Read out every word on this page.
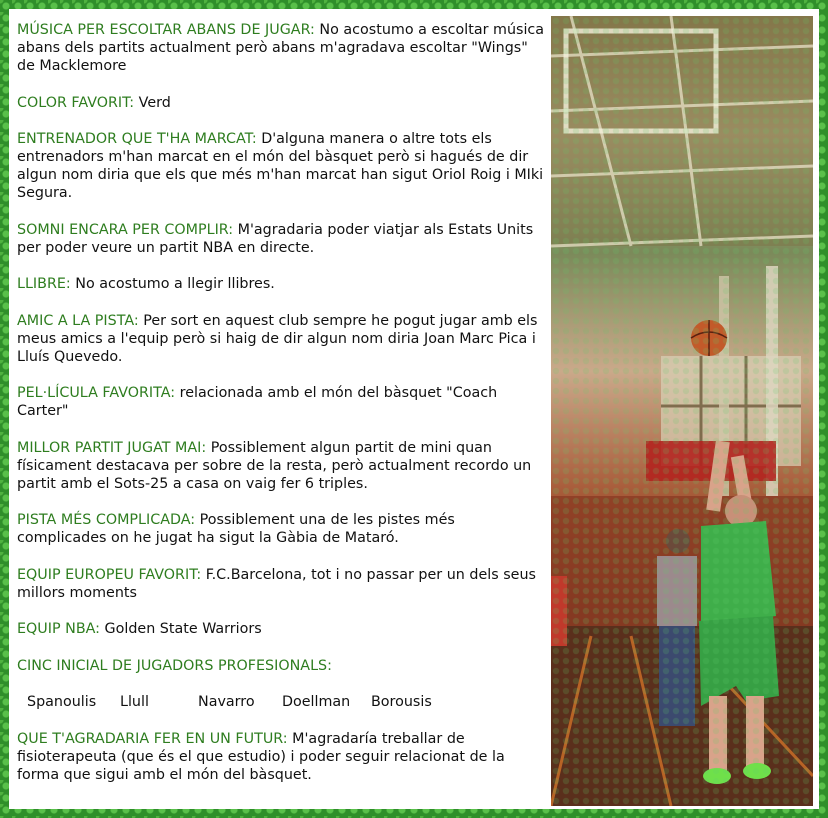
MÚSICA PER ESCOLTAR ABANS DE JUGAR: No acostumo a escoltar música abans dels partits actualment però abans m'agradava escoltar "Wings" de Macklemore

COLOR FAVORIT: Verd

ENTRENADOR QUE T'HA MARCAT: D'alguna manera o altre tots els entrenadors m'han marcat en el món del bàsquet però si hagués de dir algun nom diria que els que més m'han marcat han sigut Oriol Roig i MIki Segura.

SOMNI ENCARA PER COMPLIR: M'agradaria poder viatjar als Estats Units per poder veure un partit NBA en directe.

LLIBRE: No acostumo a llegir llibres.

AMIC A LA PISTA: Per sort en aquest club sempre he pogut jugar amb els meus amics a l'equip però si haig de dir algun nom diria Joan Marc Pica i Lluís Quevedo.

PEL·LÍCULA FAVORITA: relacionada amb el món del bàsquet "Coach Carter"

MILLOR PARTIT JUGAT MAI: Possiblement algun partit de mini quan físicament destacava per sobre de la resta, però actualment recordo un partit amb el Sots-25 a casa on vaig fer 6 triples.

PISTA MÉS COMPLICADA: Possiblement una de les pistes més complicades on he jugat ha sigut la Gàbia de Mataró.

EQUIP EUROPEU FAVORIT: F.C.Barcelona, tot i no passar per un dels seus millors moments

EQUIP NBA: Golden State Warriors

CINC INICIAL DE JUGADORS PROFESIONALS:

Spanoulis	Llull	Navarro	Doellman	Borousis

QUE T'AGRADARIA FER EN UN FUTUR: M'agradaría treballar de fisioterapeuta (que és el que estudio) i poder seguir relacionat de la forma que sigui amb el món del bàsquet.
